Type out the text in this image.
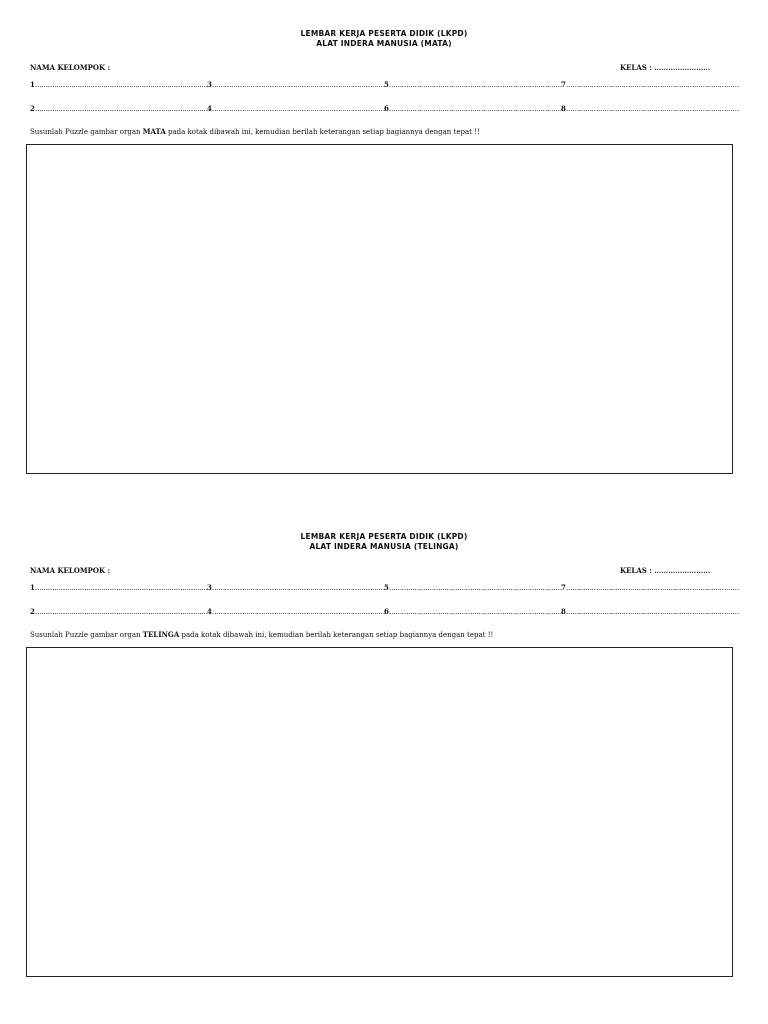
LEMBAR KERJA PESERTA DIDIK (LKPD)
ALAT INDERA MANUSIA (MATA)
NAMA KELOMPOK :	KELAS : ……………………
1……………………………………………………………………… 3……………………………………………………………………… 5……………………………………………………………………… 7………………………………………………………………………
2……………………………………………………………………… 4……………………………………………………………………… 6……………………………………………………………………… 8………………………………………………………………………
Susunlah Puzzle gambar organ MATA pada kotak dibawah ini, kemudian berilah keterangan setiap bagiannya dengan tepat !!
LEMBAR KERJA PESERTA DIDIK (LKPD)
ALAT INDERA MANUSIA (TELINGA)
NAMA KELOMPOK :	KELAS : ……………………
1……………………………………………………………………… 3……………………………………………………………………… 5……………………………………………………………………… 7………………………………………………………………………
2……………………………………………………………………… 4……………………………………………………………………… 6……………………………………………………………………… 8………………………………………………………………………
Susunlah Puzzle gambar organ TELINGA pada kotak dibawah ini, kemudian berilah keterangan setiap bagiannya dengan tepat !!
